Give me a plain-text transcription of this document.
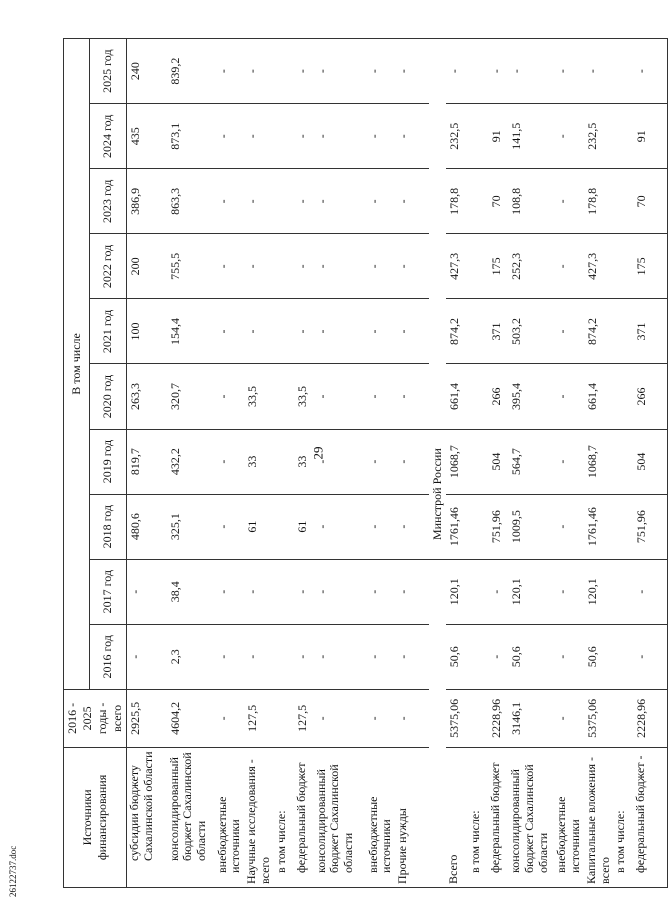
29
Источники финансирования	2016 - 2025 годы - всего	В том числе									
		2016 год	2017 год	2018 год	2019 год	2020 год	2021 год	2022 год	2023 год	2024 год	2025 год
субсидии бюджету Сахалинской области	2925,5	-	-	480,6	819,7	263,3	100	200	386,9	435	240
консолидированный бюджет Сахалинской области	4604,2	2,3	38,4	325,1	432,2	320,7	154,4	755,5	863,3	873,1	839,2
внебюджетные источники	-	-	-	-	-	-	-	-	-	-	-
Научные исследования - всего	127,5	-	-	61	33	33,5	-	-	-	-	-
в том числе:											
федеральный бюджет	127,5	-	-	61	33	33,5	-	-	-	-	-
консолидированный бюджет Сахалинской области	-	-	-	-	-	-	-	-	-	-	-
внебюджетные источники	-	-	-	-	-	-	-	-	-	-	-
Прочие нужды	-	-	-	-	-	-	-	-	-	-	-
				Минстрой России							
Всего	5375,06	50,6	120,1	1761,46	1068,7	661,4	874,2	427,3	178,8	232,5	-
в том числе:											
федеральный бюджет	2228,96	-	-	751,96	504	266	371	175	70	91	-
консолидированный бюджет Сахалинской области	3146,1	50,6	120,1	1009,5	564,7	395,4	503,2	252,3	108,8	141,5	-
внебюджетные источники	-	-	-	-	-	-	-	-	-	-	-
Капитальные вложения - всего	5375,06	50,6	120,1	1761,46	1068,7	661,4	874,2	427,3	178,8	232,5	-
в том числе:											
федеральный бюджет -	2228,96	-	-	751,96	504	266	371	175	70	91	-
26122737.doc
